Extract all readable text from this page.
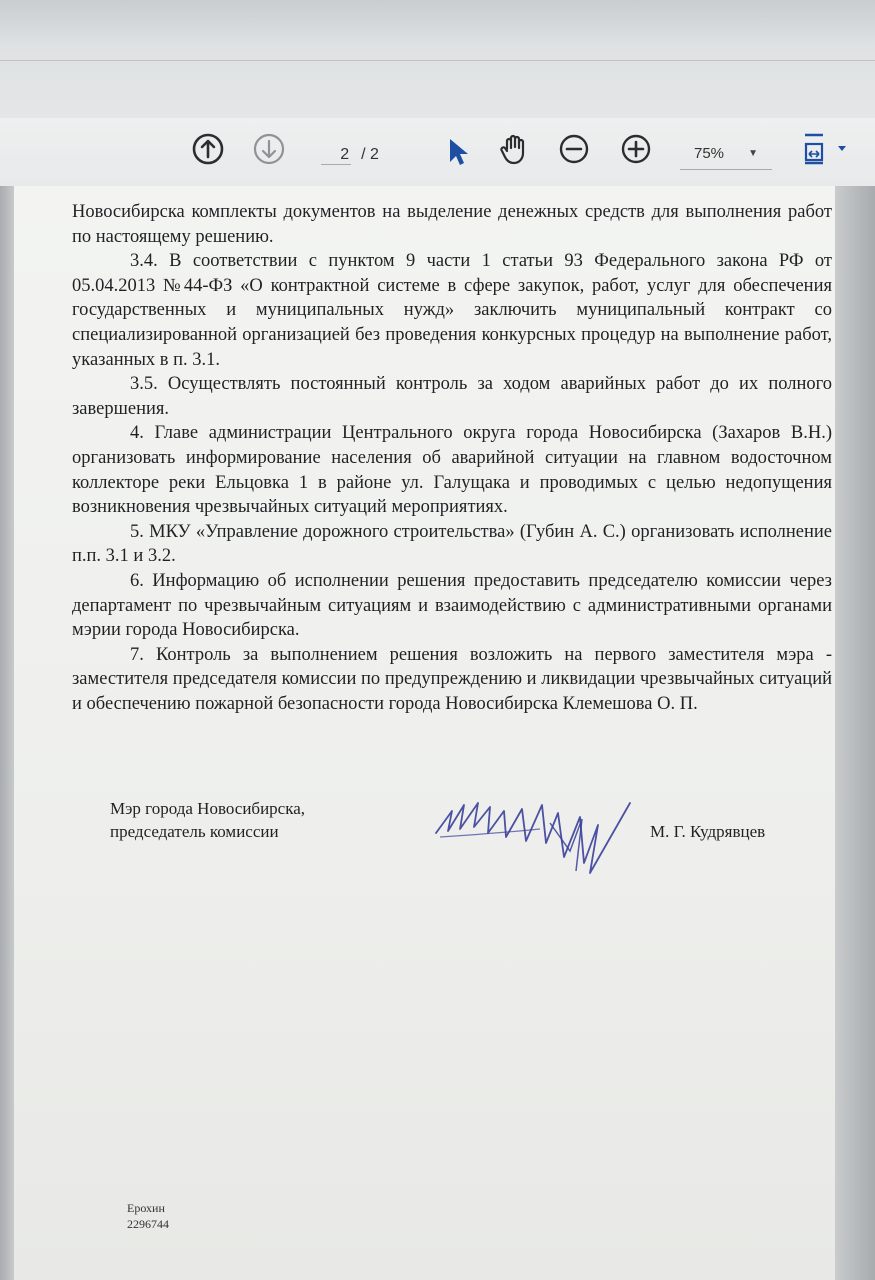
2
/ 2	75% ▼

Новосибирска комплекты документов на выделение денежных средств для выполнения работ по настоящему решению.

3.4. В соответствии с пунктом 9 части 1 статьи 93 Федерального закона РФ от 05.04.2013 №44-ФЗ «О контрактной системе в сфере закупок, работ, услуг для обеспечения государственных и муниципальных нужд» заключить муниципальный контракт со специализированной организацией без проведения конкурсных процедур на выполнение работ, указанных в п. 3.1.

3.5. Осуществлять постоянный контроль за ходом аварийных работ до их полного завершения.

4. Главе администрации Центрального округа города Новосибирска (Захаров В.Н.) организовать информирование населения об аварийной ситуации на главном водосточном коллекторе реки Ельцовка 1 в районе ул. Галущака и проводимых с целью недопущения возникновения чрезвычайных ситуаций мероприятиях.

5. МКУ «Управление дорожного строительства» (Губин А. С.) организовать исполнение п.п. 3.1 и 3.2.

6. Информацию об исполнении решения предоставить председателю комиссии через департамент по чрезвычайным ситуациям и взаимодействию с административными органами мэрии города Новосибирска.

7. Контроль за выполнением решения возложить на первого заместителя мэра - заместителя председателя комиссии по предупреждению и ликвидации чрезвычайных ситуаций и обеспечению пожарной безопасности города Новосибирска Клемешова О. П.

Мэр города Новосибирска,
председатель комиссии	М. Г. Кудрявцев
Ерохин
2296744
